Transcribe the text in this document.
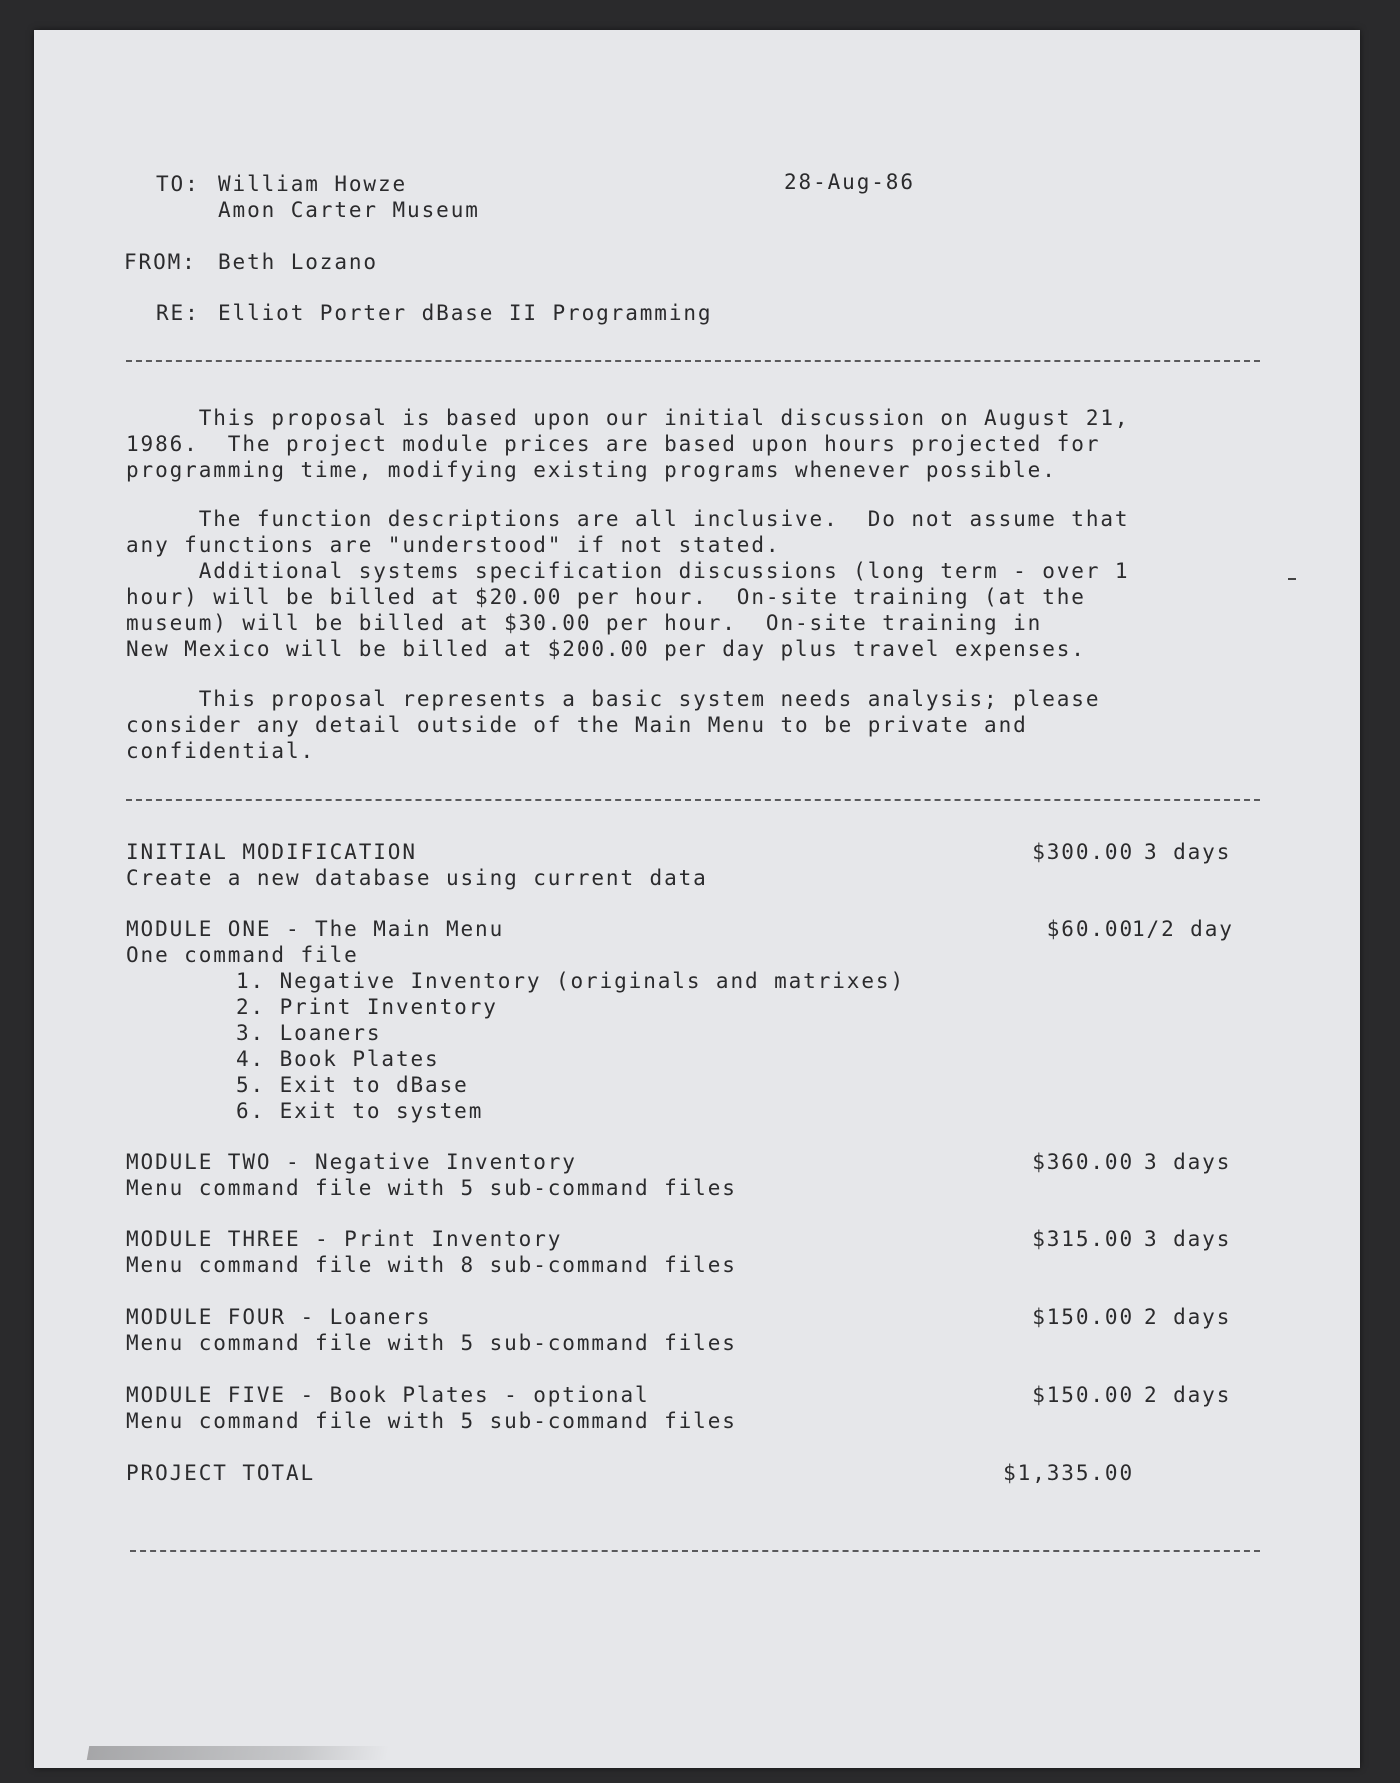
TO: William Howze
Amon Carter Museum
28-Aug-86
FROM: Beth Lozano
RE: Elliot Porter dBase II Programming
This proposal is based upon our initial discussion on August 21,
1986.  The project module prices are based upon hours projected for
programming time, modifying existing programs whenever possible.
The function descriptions are all inclusive.  Do not assume that
any functions are "understood" if not stated.
Additional systems specification discussions (long term - over 1
hour) will be billed at $20.00 per hour.  On-site training (at the
museum) will be billed at $30.00 per hour.  On-site training in
New Mexico will be billed at $200.00 per day plus travel expenses.
This proposal represents a basic system needs analysis; please
consider any detail outside of the Main Menu to be private and
confidential.
INITIAL MODIFICATION
Create a new database using current data
$300.00 3 days
MODULE ONE - The Main Menu
One command file
$60.00
1/2 day
1. Negative Inventory (originals and matrixes)
2. Print Inventory
3. Loaners
4. Book Plates
5. Exit to dBase
6. Exit to system
MODULE TWO - Negative Inventory
Menu command file with 5 sub-command files
$360.00 3 days
MODULE THREE - Print Inventory
Menu command file with 8 sub-command files
$315.00 3 days
MODULE FOUR - Loaners
Menu command file with 5 sub-command files
$150.00 2 days
MODULE FIVE - Book Plates - optional
Menu command file with 5 sub-command files
$150.00 2 days
PROJECT TOTAL	$1,335.00
